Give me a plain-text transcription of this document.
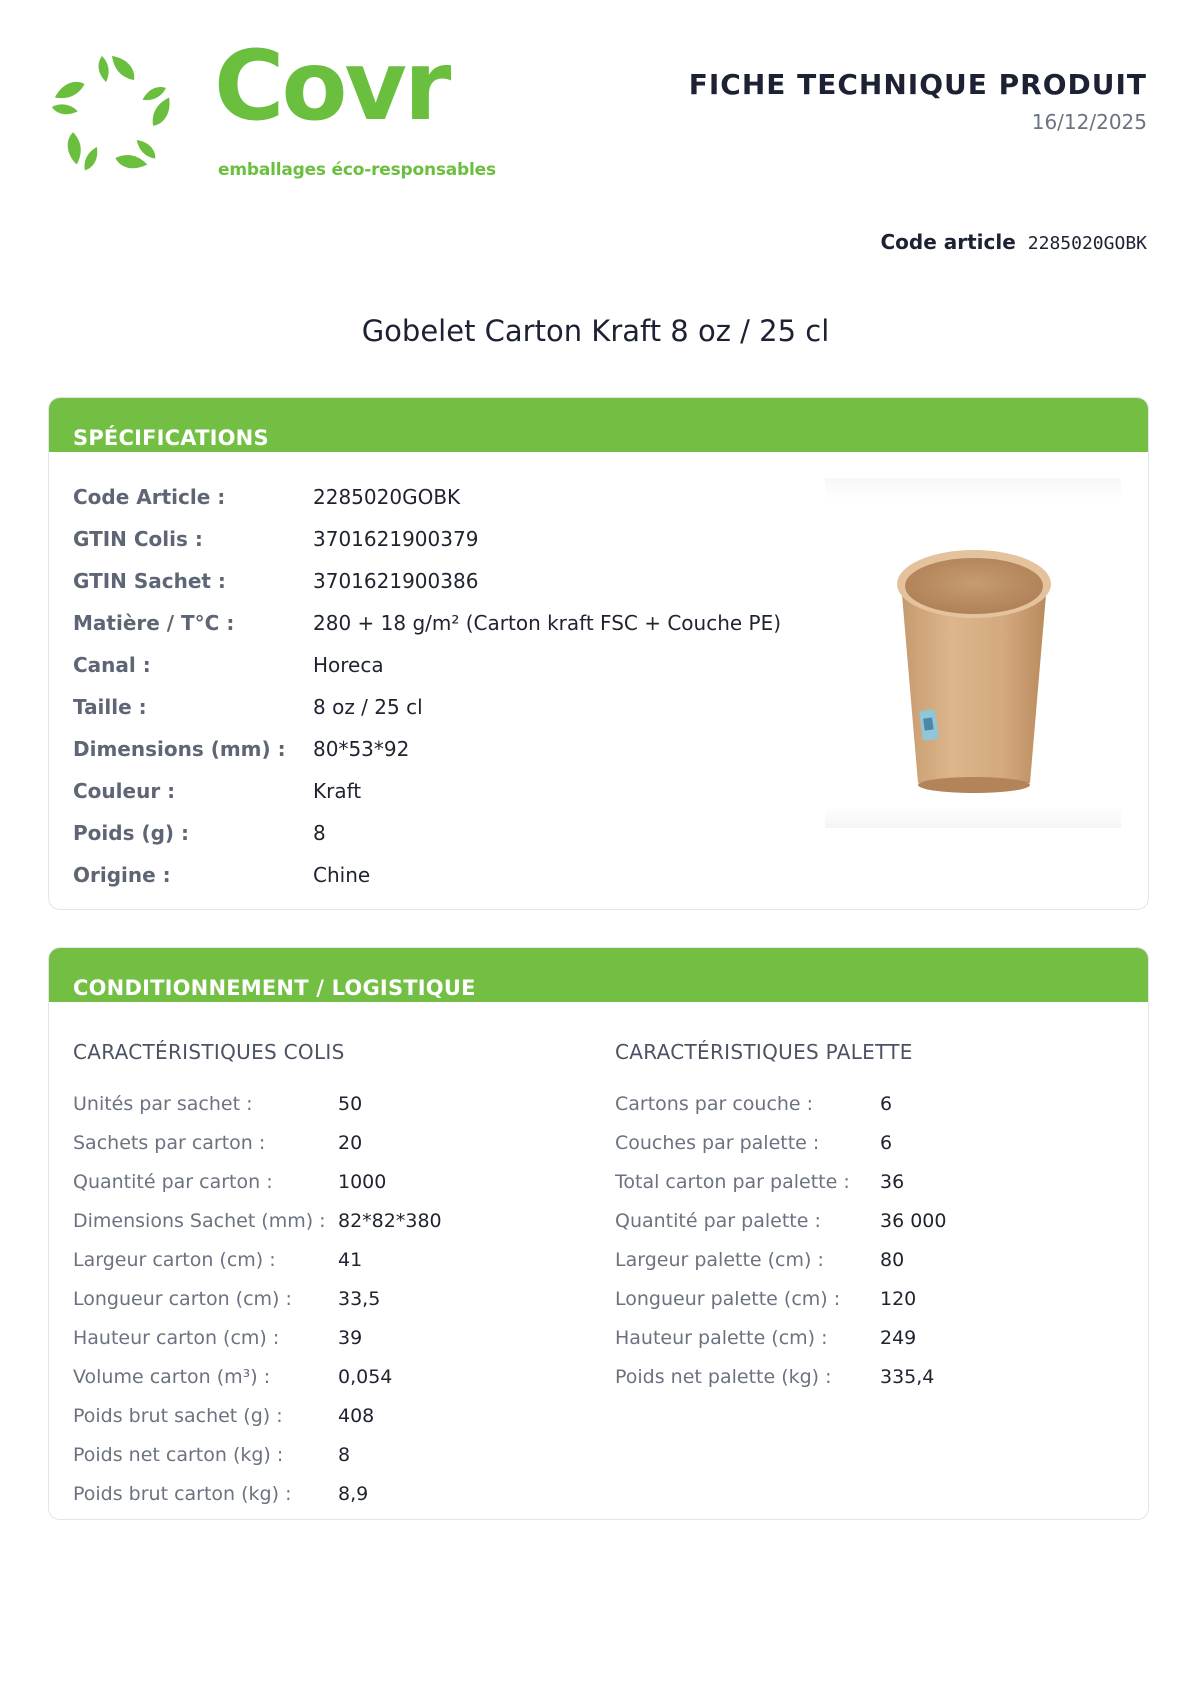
Covr
emballages éco-responsables
FICHE TECHNIQUE PRODUIT
16/12/2025
Code article 2285020GOBK
Gobelet Carton Kraft 8 oz / 25 cl
SPÉCIFICATIONS
Code Article :	2285020GOBK
GTIN Colis :	3701621900379
GTIN Sachet :	3701621900386
Matière / T°C :	280 + 18 g/m² (Carton kraft FSC + Couche PE)
Canal :	Horeca
Taille :	8 oz / 25 cl
Dimensions (mm) :	80*53*92
Couleur :	Kraft
Poids (g) :	8
Origine :	Chine
CONDITIONNEMENT / LOGISTIQUE
CARACTÉRISTIQUES COLIS
Unités par sachet :	50
Sachets par carton :	20
Quantité par carton :	1000
Dimensions Sachet (mm) : 82*82*380
Largeur carton (cm) :	41
Longueur carton (cm) :	33,5
Hauteur carton (cm) :	39
Volume carton (m³) :	0,054
Poids brut sachet (g) :	408
Poids net carton (kg) :	8
Poids brut carton (kg) :	8,9
CARACTÉRISTIQUES PALETTE
Cartons par couche :	6
Couches par palette :	6
Total carton par palette :	36
Quantité par palette :	36 000
Largeur palette (cm) :	80
Longueur palette (cm) :	120
Hauteur palette (cm) :	249
Poids net palette (kg) :	335,4
